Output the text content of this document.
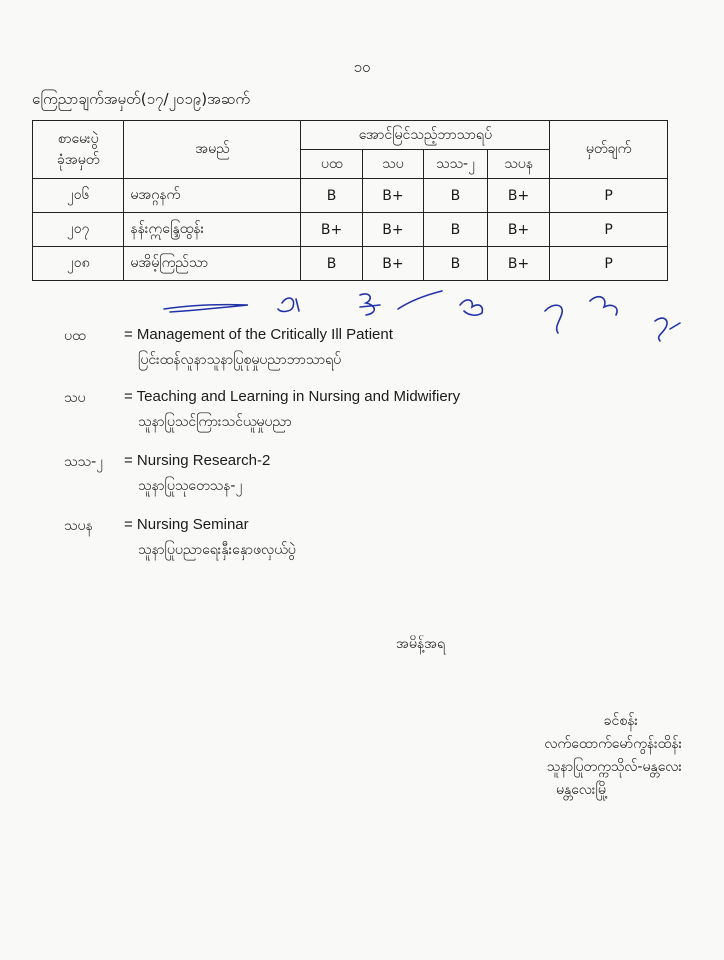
၁၀
ကြေညာချက်အမှတ်(၁၇/၂၀၁၉)အဆက်
စာမေးပွဲ
ခုံအမှတ်	အမည်	အောင်မြင်သည့်ဘာသာရပ်				မှတ်ချက်
		ပထ	သပ	သသ-၂	သပန	
၂၀၆	မအဂ္ဂနက်	B	B+	B	B+	P
၂၀၇	နန်းဣန္ဒြေထွန်း	B+	B+	B	B+	P
၂၀၈	မအိမ့်ကြည်သာ	B	B+	B	B+	P
ပထ	= Management of the Critically Ill Patient
ပြင်းထန်လူနာသူနာပြုစုမှုပညာဘာသာရပ်
သပ	= Teaching and Learning in Nursing and Midwifiery
သူနာပြုသင်ကြားသင်ယူမှုပညာ
သသ-၂	= Nursing Research-2
သူနာပြုသုတေသန-၂
သပန	= Nursing Seminar
သူနာပြုပညာရေးနှီးနှောဖလှယ်ပွဲ
အမိန့်အရ
ခင်စန်း
လက်ထောက်မော်ကွန်းထိန်း
သူနာပြုတက္ကသိုလ်-မန္တလေး
မန္တလေးမြို့
